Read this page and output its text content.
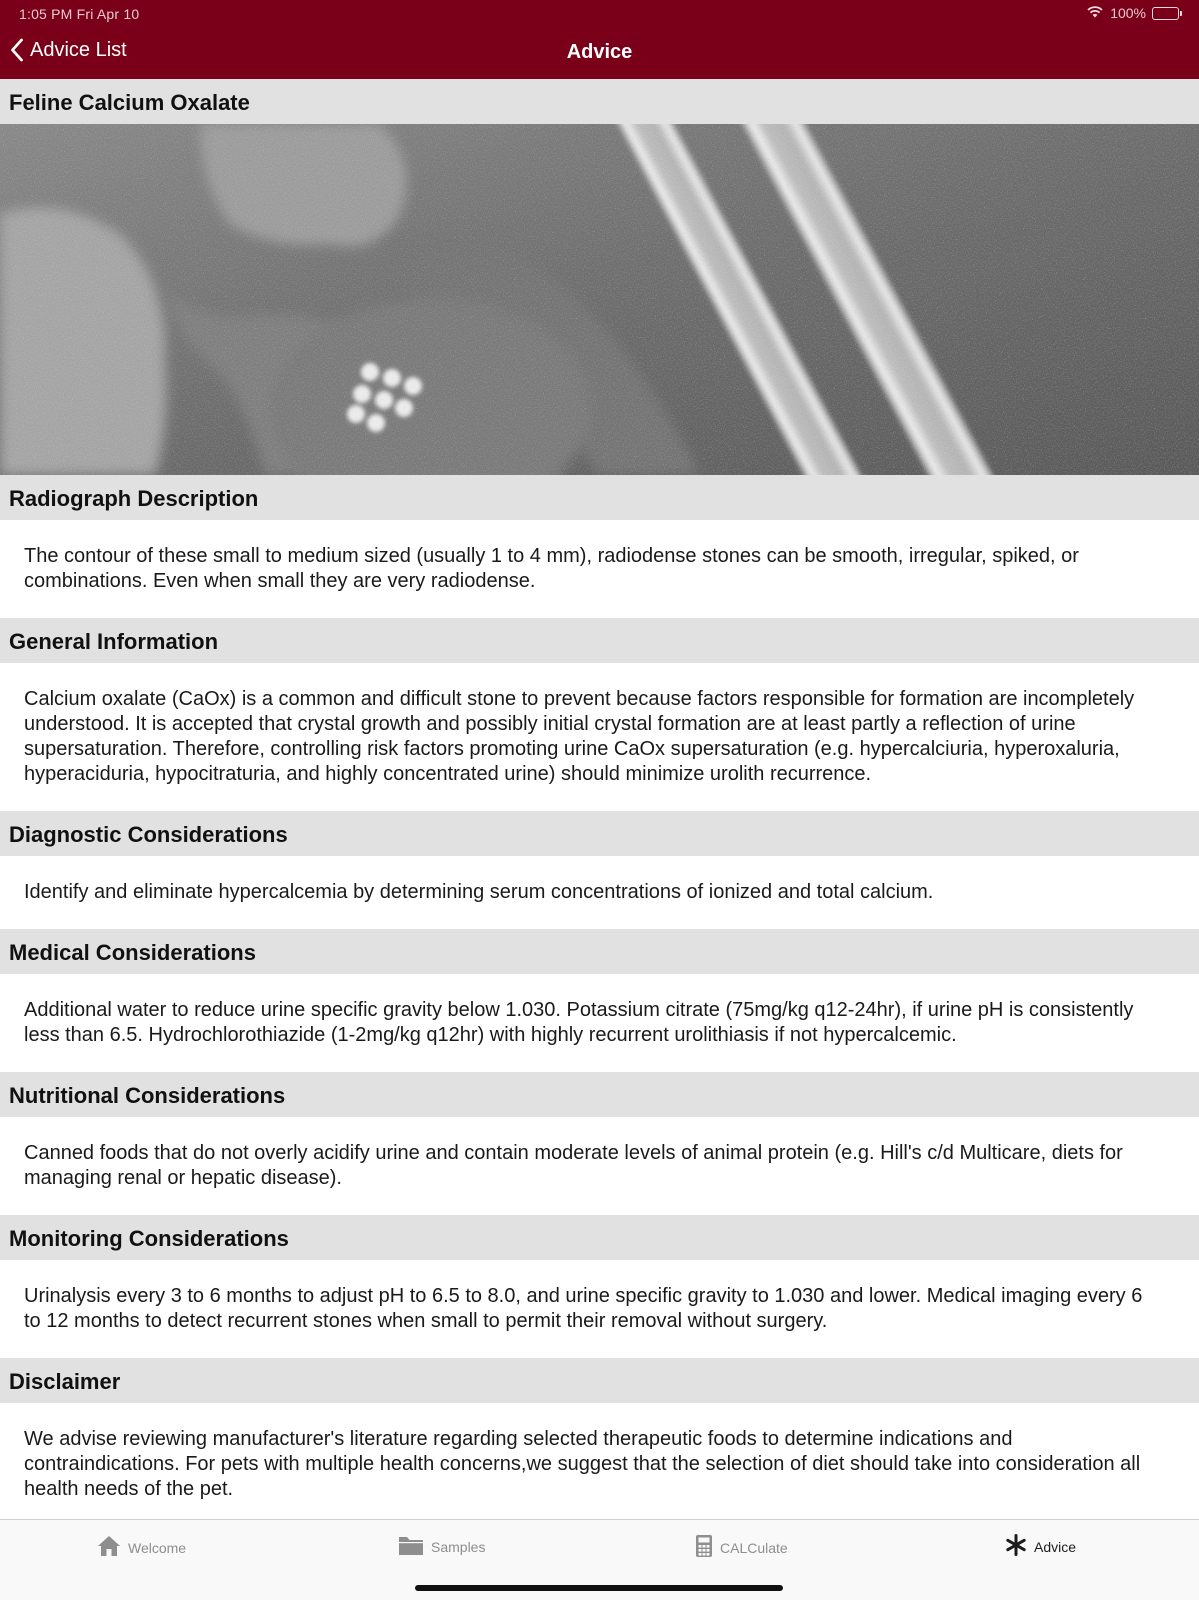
1:05 PM Fri Apr 10	100%
Advice List	Advice
Feline Calcium Oxalate
Radiograph Description
The contour of these small to medium sized (usually 1 to 4 mm), radiodense stones can be smooth, irregular, spiked, or combinations. Even when small they are very radiodense.
General Information
Calcium oxalate (CaOx) is a common and difficult stone to prevent because factors responsible for formation are incompletely understood. It is accepted that crystal growth and possibly initial crystal formation are at least partly a reflection of urine supersaturation. Therefore, controlling risk factors promoting urine CaOx supersaturation (e.g. hypercalciuria, hyperoxaluria, hyperaciduria, hypocitraturia, and highly concentrated urine) should minimize urolith recurrence.
Diagnostic Considerations
Identify and eliminate hypercalcemia by determining serum concentrations of ionized and total calcium.
Medical Considerations
Additional water to reduce urine specific gravity below 1.030. Potassium citrate (75mg/kg q12-24hr), if urine pH is consistently less than 6.5. Hydrochlorothiazide (1-2mg/kg q12hr) with highly recurrent urolithiasis if not hypercalcemic.
Nutritional Considerations
Canned foods that do not overly acidify urine and contain moderate levels of animal protein (e.g. Hill's c/d Multicare, diets for managing renal or hepatic disease).
Monitoring Considerations
Urinalysis every 3 to 6 months to adjust pH to 6.5 to 8.0, and urine specific gravity to 1.030 and lower. Medical imaging every 6 to 12 months to detect recurrent stones when small to permit their removal without surgery.
Disclaimer
We advise reviewing manufacturer's literature regarding selected therapeutic foods to determine indications and contraindications. For pets with multiple health concerns,we suggest that the selection of diet should take into consideration all health needs of the pet.
Welcome	Samples	CALCulate	Advice
